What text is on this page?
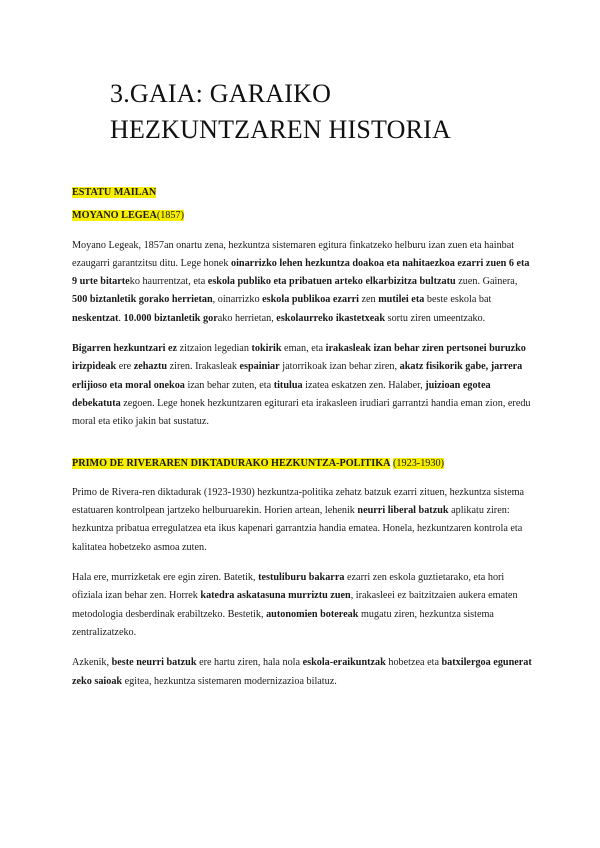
3.GAIA: GARAIKO
HEZKUNTZAREN HISTORIA
ESTATU MAILAN
MOYANO LEGEA(1857)

Moyano Legeak, 1857an onartu zena, hezkuntza sistemaren egitura finkatzeko helburu izan zuen eta hainbat ezaugarri garantzitsu ditu. Lege honek oinarrizko lehen hezkuntza doakoa eta nahitaezkoa ezarri zuen 6 eta 9 urte bitarteko haurrentzat, eta eskola publiko eta pribatuen arteko elkarbizitza bultzatu zuen. Gainera, 500 biztanletik gorako herrietan, oinarrizko eskola publikoa ezarri zen mutilei eta beste eskola bat neskentzat. 10.000 biztanletik gorako herrietan, eskolaurreko ikastetxeak sortu ziren umeentzako.

Bigarren hezkuntzari ez zitzaion legedian tokirik eman, eta irakasleak izan behar ziren pertsonei buruzko irizpideak ere zehaztu ziren. Irakasleak espainiar jatorrikoak izan behar ziren, akatz fisikorik gabe, jarrera erlijioso eta moral onekoa izan behar zuten, eta titulua izatea eskatzen zen. Halaber, juizioan egotea debekatuta zegoen. Lege honek hezkuntzaren egiturari eta irakasleen irudiari garrantzi handia eman zion, eredu moral eta etiko jakin bat sustatuz.

PRIMO DE RIVERAREN DIKTADURAKO HEZKUNTZA-POLITIKA (1923-1930)

Primo de Rivera-ren diktadurak (1923-1930) hezkuntza-politika zehatz batzuk ezarri zituen, hezkuntza sistema estatuaren kontrolpean jartzeko helburuarekin. Horien artean, lehenik neurri liberal batzuk aplikatu ziren: hezkuntza pribatua erregulatzea eta ikus kapenari garrantzia handia ematea. Honela, hezkuntzaren kontrola eta kalitatea hobetzeko asmoa zuten.

Hala ere, murrizketak ere egin ziren. Batetik, testuliburu bakarra ezarri zen eskola guztietarako, eta hori ofiziala izan behar zen. Horrek katedra askatasuna murriztu zuen, irakasleei ez baitzitzaien aukera ematen metodologia desberdinak erabiltzeko. Bestetik, autonomien botereak mugatu ziren, hezkuntza sistema zentralizatzeko.

Azkenik, beste neurri batzuk ere hartu ziren, hala nola eskola-eraikuntzak hobetzea eta batxilergoa egunerat zeko saioak egitea, hezkuntza sistemaren modernizazioa bilatuz.
